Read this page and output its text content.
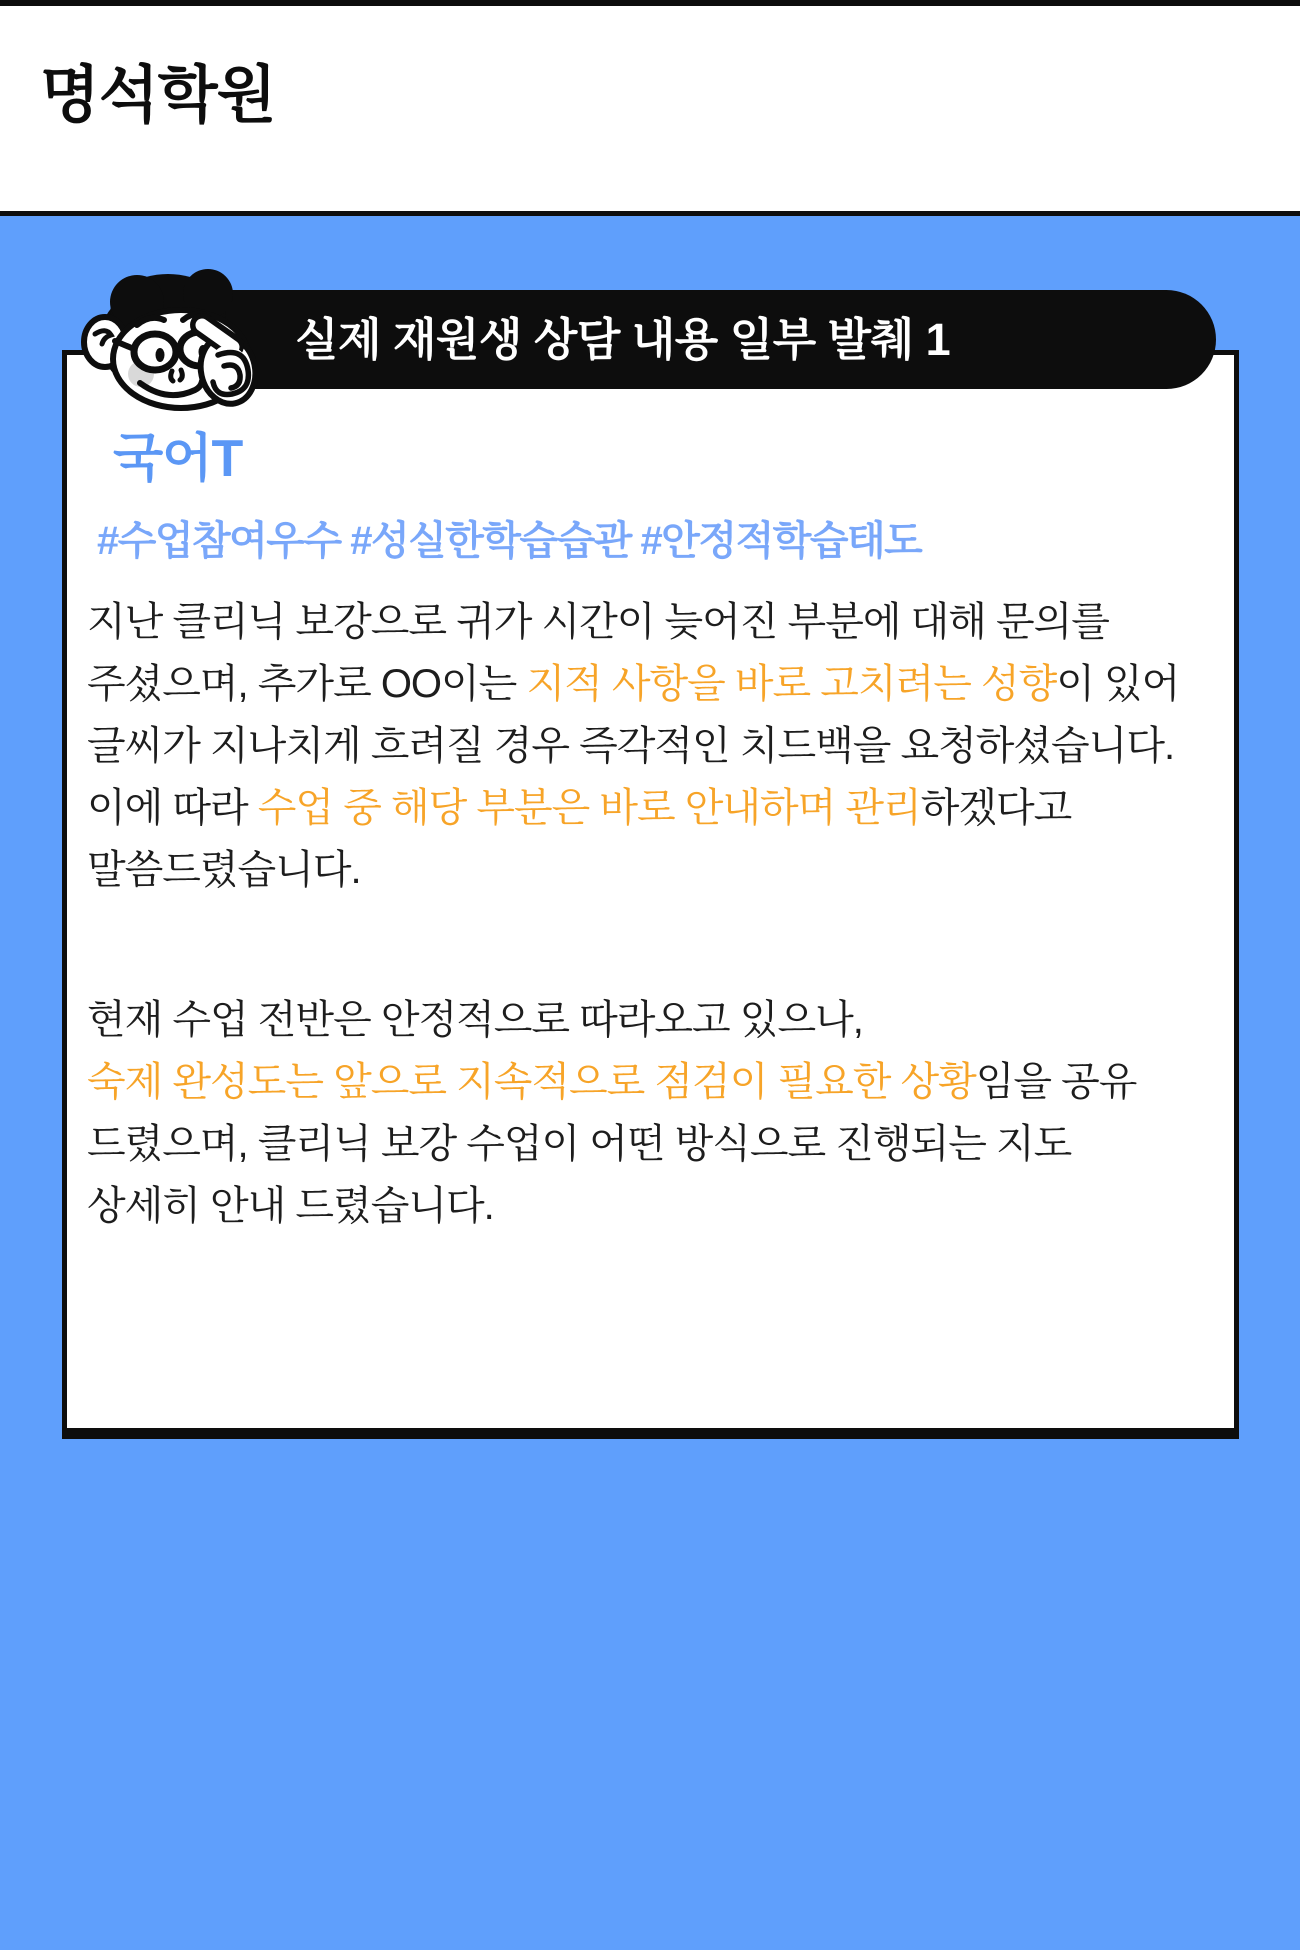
명석학원
실제 재원생 상담 내용 일부 발췌 1
국어T
#수업참여우수 #성실한학습습관 #안정적학습태도

지난 클리닉 보강으로 귀가 시간이 늦어진 부분에 대해 문의를
주셨으며, 추가로 OO이는 지적 사항을 바로 고치려는 성향이 있어
글씨가 지나치게 흐려질 경우 즉각적인 치드백을 요청하셨습니다.
이에 따라 수업 중 해당 부분은 바로 안내하며 관리하겠다고
말씀드렸습니다.

현재 수업 전반은 안정적으로 따라오고 있으나,
숙제 완성도는 앞으로 지속적으로 점검이 필요한 상황임을 공유
드렸으며, 클리닉 보강 수업이 어떤 방식으로 진행되는 지도
상세히 안내 드렸습니다.
